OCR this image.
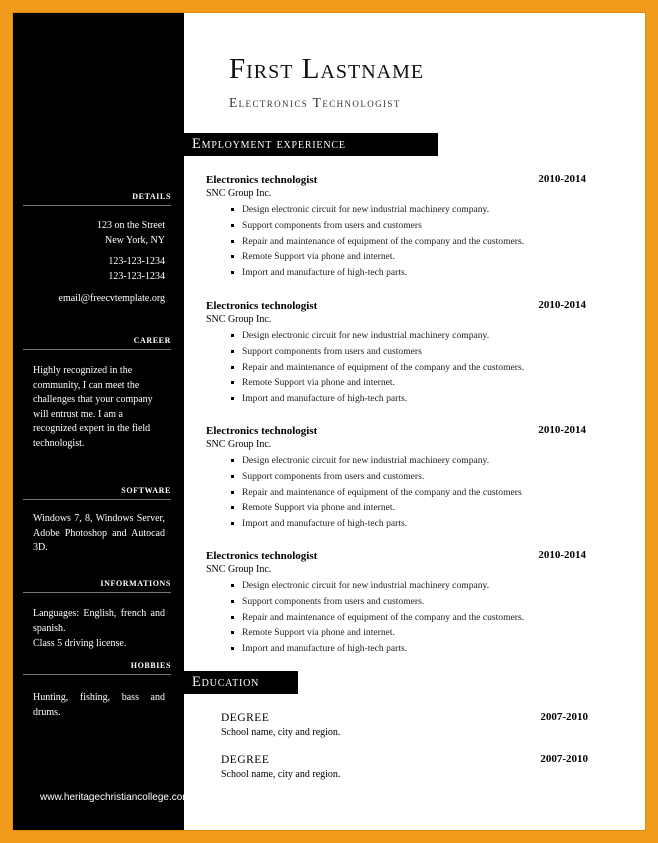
details
123 on the Street
New York, NY
123-123-1234
123-123-1234
email@freecvtemplate.org
career
Highly recognized in the community, I can meet the challenges that your company will entrust me. I am a recognized expert in the field technologist.
software
Windows 7, 8, Windows Server, Adobe Photoshop and Autocad 3D.
informations
Languages: English, french and spanish.
Class 5 driving license.
hobbies
Hunting, fishing, bass and drums.
First Lastname
Electronics Technologist
Employment experience
Electronics technologist	2010-2014
SNC Group Inc.
Design electronic circuit for new industrial machinery company.
Support components from users and customers
Repair and maintenance of equipment of the company and the customers.
Remote Support via phone and internet.
Import and manufacture of high-tech parts.
Electronics technologist	2010-2014
SNC Group Inc.
Design electronic circuit for new industrial machinery company.
Support components from users and customers
Repair and maintenance of equipment of the company and the customers.
Remote Support via phone and internet.
Import and manufacture of high-tech parts.
Electronics technologist	2010-2014
SNC Group Inc.
Design electronic circuit for new industrial machinery company.
Support components from users and customers.
Repair and maintenance of equipment of the company and the customers
Remote Support via phone and internet.
Import and manufacture of high-tech parts.
Electronics technologist	2010-2014
SNC Group Inc.
Design electronic circuit for new industrial machinery company.
Support components from users and customers.
Repair and maintenance of equipment of the company and the customers.
Remote Support via phone and internet.
Import and manufacture of high-tech parts.
Education
DEGREE	2007-2010
School name, city and region.
DEGREE	2007-2010
School name, city and region.
www.heritagechristiancollege.com
